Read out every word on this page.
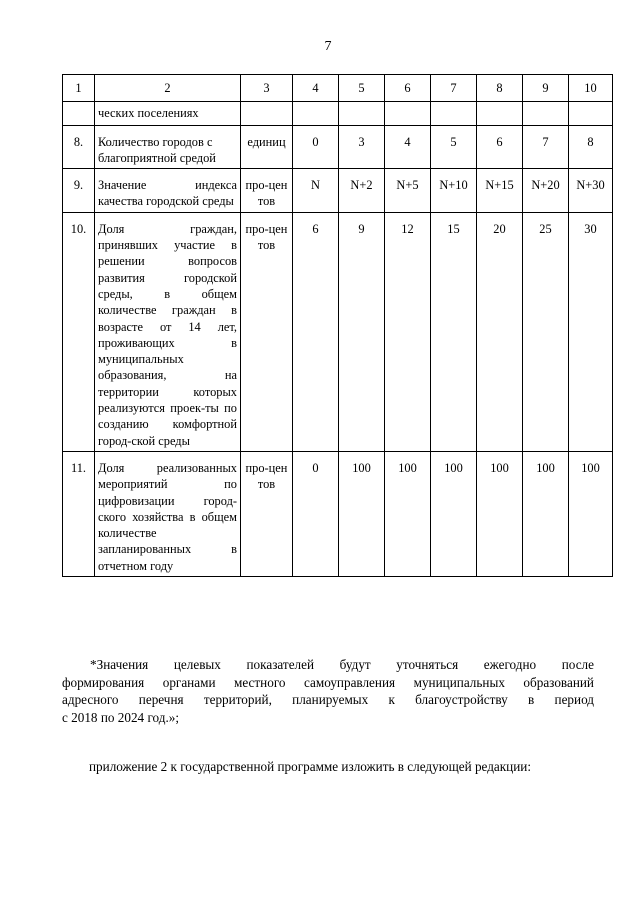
7
1	2	3	4	5	6	7	8	9	10
	ческих поселениях								
8.	Количество городов с благоприятной средой	единиц	0	3	4	5	6	7	8
9.	Значение индекса качества городской среды	про-центов	N	N+2	N+5	N+10	N+15	N+20	N+30
10.	Доля граждан, принявших участие в решении вопросов развития городской среды, в общем количестве граждан в возрасте от 14 лет, проживающих в муниципальных образования, на территории которых реализуются проек-ты по созданию комфортной город-ской среды	про-центов	6	9	12	15	20	25	30
11.	Доля реализованных мероприятий по цифровизации город-ского хозяйства в общем количестве запланированных в отчетном году	про-центов	0	100	100	100	100	100	100
*Значения целевых показателей будут уточняться ежегодно после
формирования органами местного самоуправления муниципальных образований
адресного перечня территорий, планируемых к благоустройству в период
с 2018 по 2024 год.»;
приложение 2 к государственной программе изложить в следующей редакции:
